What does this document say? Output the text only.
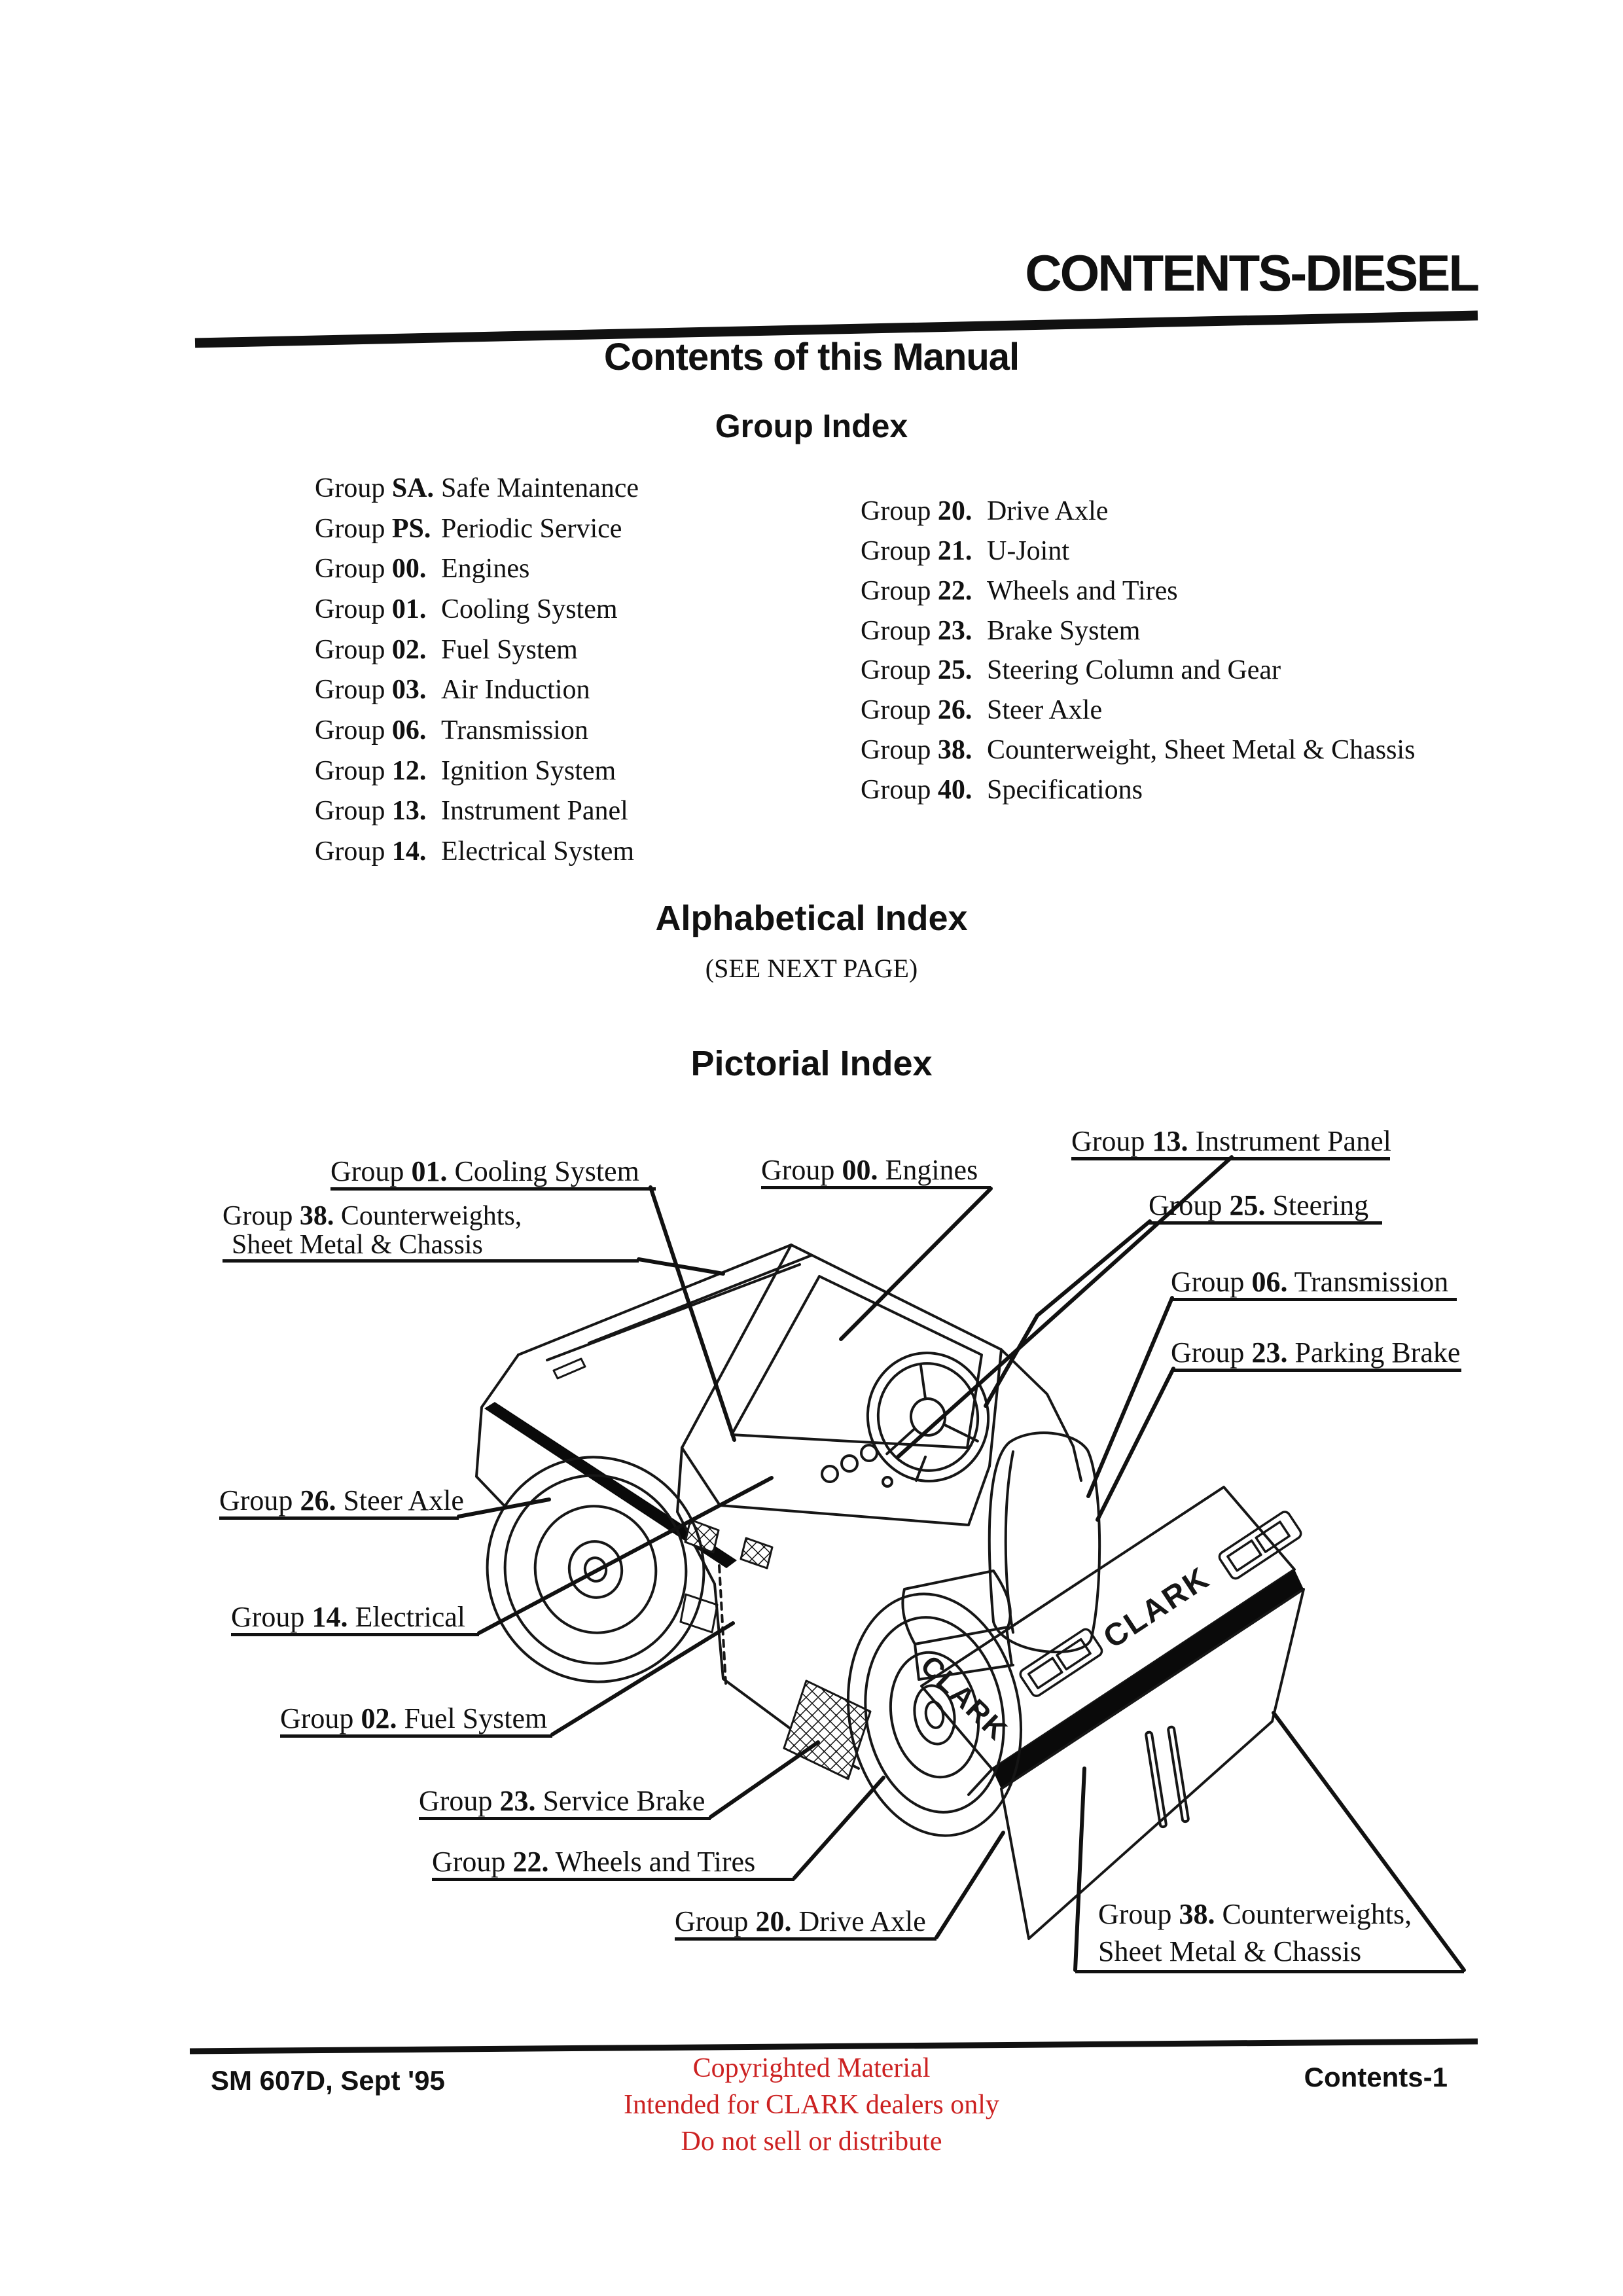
CLARK
CLARK
CONTENTS-DIESEL
Contents of this Manual
Group Index
Group SA. Safe Maintenance
Group PS. Periodic Service
Group 00. Engines
Group 01. Cooling System
Group 02. Fuel System
Group 03. Air Induction
Group 06. Transmission
Group 12. Ignition System
Group 13. Instrument Panel
Group 14. Electrical System
Group 20. Drive Axle
Group 21. U-Joint
Group 22. Wheels and Tires
Group 23. Brake System
Group 25. Steering Column and Gear
Group 26. Steer Axle
Group 38. Counterweight, Sheet Metal & Chassis
Group 40. Specifications
Alphabetical Index
(SEE NEXT PAGE)
Pictorial Index
Group 01. Cooling System
Group 38. Counterweights,
Sheet Metal & Chassis
Group 00. Engines
Group 13. Instrument Panel
Group 25. Steering
Group 06. Transmission
Group 23. Parking Brake
Group 26. Steer Axle
Group 14. Electrical
Group 02. Fuel System
Group 23. Service Brake
Group 22. Wheels and Tires
Group 20. Drive Axle	Group 38. Counterweights,
Sheet Metal & Chassis
SM 607D, Sept '95	Contents-1
Copyrighted Material
Intended for CLARK dealers only
Do not sell or distribute
